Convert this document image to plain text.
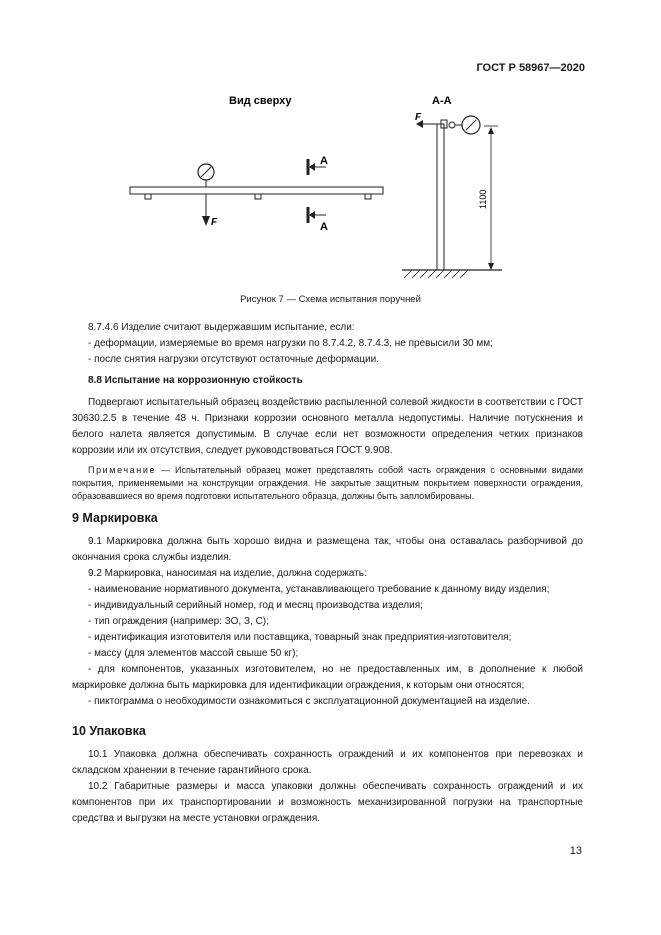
ГОСТ Р 58967—2020
Вид сверху
F
А
А
А-А
F
1100
Рисунок 7 — Схема испытания поручней

8.7.4.6 Изделие считают выдержавшим испытание, если:

- деформации, измеряемые во время нагрузки по 8.7.4.2, 8.7.4.3, не превысили 30 мм;

- после снятия нагрузки отсутствуют остаточные деформации.

8.8 Испытание на коррозионную стойкость

Подвергают испытательный образец воздействию распыленной солевой жидкости в соответствии с ГОСТ 30630.2.5 в течение 48 ч. Признаки коррозии основного металла недопустимы. Наличие потускнения и белого налета является допустимым. В случае если нет возможности определения четких признаков коррозии или их отсутствия, следует руководствоваться ГОСТ 9.908.

Примечание — Испытательный образец может представлять собой часть ограждения с основными видами покрытия, применяемыми на конструкции ограждения. Не закрытые защитным покрытием поверхности ограждения, образовавшиеся во время подготовки испытательного образца, должны быть запломбированы.

9 Маркировка

9.1 Маркировка должна быть хорошо видна и размещена так, чтобы она оставалась разборчивой до окончания срока службы изделия.

9.2 Маркировка, наносимая на изделие, должна содержать:

- наименование нормативного документа, устанавливающего требование к данному виду изделия;

- индивидуальный серийный номер, год и месяц производства изделия;

- тип ограждения (например: ЗО, З, С);

- идентификация изготовителя или поставщика, товарный знак предприятия-изготовителя;

- массу (для элементов массой свыше 50 кг);

- для компонентов, указанных изготовителем, но не предоставленных им, в дополнение к любой маркировке должна быть маркировка для идентификации ограждения, к которым они относятся;

- пиктограмма о необходимости ознакомиться с эксплуатационной документацией на изделие.

10 Упаковка

10.1 Упаковка должна обеспечивать сохранность ограждений и их компонентов при перевозках и складском хранении в течение гарантийного срока.

10.2 Габаритные размеры и масса упаковки должны обеспечивать сохранность ограждений и их компонентов при их транспортировании и возможность механизированной погрузки на транспортные средства и выгрузки на месте установки ограждения.

13
